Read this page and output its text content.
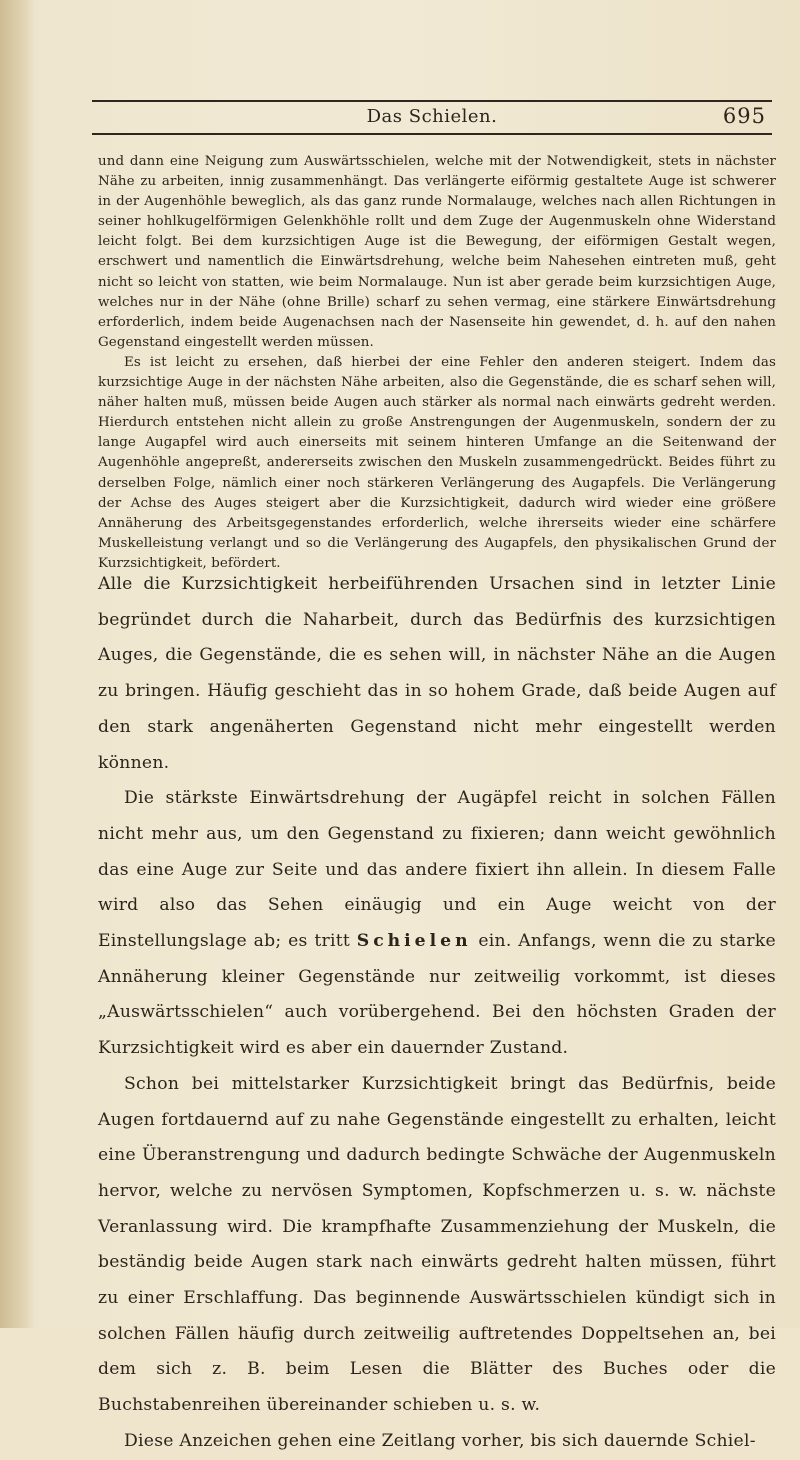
Das Schielen.	695

und dann eine Neigung zum Auswärtsschielen, welche mit der Notwendigkeit, stets in nächster Nähe zu arbeiten, innig zusammenhängt. Das verlängerte eiförmig gestaltete Auge ist schwerer in der Augenhöhle beweglich, als das ganz runde Normalauge, welches nach allen Richtungen in seiner hohlkugelförmigen Gelenkhöhle rollt und dem Zuge der Augenmuskeln ohne Widerstand leicht folgt. Bei dem kurzsichtigen Auge ist die Bewegung, der eiförmigen Gestalt wegen, erschwert und namentlich die Einwärtsdrehung, welche beim Nahesehen eintreten muß, geht nicht so leicht von statten, wie beim Normalauge. Nun ist aber gerade beim kurzsichtigen Auge, welches nur in der Nähe (ohne Brille) scharf zu sehen vermag, eine stärkere Einwärtsdrehung erforderlich, indem beide Augenachsen nach der Nasenseite hin gewendet, d. h. auf den nahen Gegenstand eingestellt werden müssen.

Es ist leicht zu ersehen, daß hierbei der eine Fehler den anderen steigert. Indem das kurzsichtige Auge in der nächsten Nähe arbeiten, also die Gegenstände, die es scharf sehen will, näher halten muß, müssen beide Augen auch stärker als normal nach einwärts gedreht werden. Hierdurch entstehen nicht allein zu große Anstrengungen der Augenmuskeln, sondern der zu lange Augapfel wird auch einerseits mit seinem hinteren Umfange an die Seitenwand der Augenhöhle angepreßt, andererseits zwischen den Muskeln zusammengedrückt. Beides führt zu derselben Folge, nämlich einer noch stärkeren Verlängerung des Augapfels. Die Verlängerung der Achse des Auges steigert aber die Kurzsichtigkeit, dadurch wird wieder eine größere Annäherung des Arbeitsgegenstandes erforderlich, welche ihrerseits wieder eine schärfere Muskelleistung verlangt und so die Verlängerung des Augapfels, den physikalischen Grund der Kurzsichtigkeit, befördert.

Alle die Kurzsichtigkeit herbeiführenden Ursachen sind in letzter Linie begründet durch die Naharbeit, durch das Bedürfnis des kurzsichtigen Auges, die Gegenstände, die es sehen will, in nächster Nähe an die Augen zu bringen. Häufig geschieht das in so hohem Grade, daß beide Augen auf den stark angenäherten Gegenstand nicht mehr eingestellt werden können.

Die stärkste Einwärtsdrehung der Augäpfel reicht in solchen Fällen nicht mehr aus, um den Gegenstand zu fixieren; dann weicht gewöhnlich das eine Auge zur Seite und das andere fixiert ihn allein. In diesem Falle wird also das Sehen einäugig und ein Auge weicht von der Einstellungslage ab; es tritt Schielen ein. Anfangs, wenn die zu starke Annäherung kleiner Gegenstände nur zeitweilig vorkommt, ist dieses „Auswärtsschielen“ auch vorübergehend. Bei den höchsten Graden der Kurzsichtigkeit wird es aber ein dauernder Zustand.

Schon bei mittelstarker Kurzsichtigkeit bringt das Bedürfnis, beide Augen fortdauernd auf zu nahe Gegenstände eingestellt zu erhalten, leicht eine Überanstrengung und dadurch bedingte Schwäche der Augenmuskeln hervor, welche zu nervösen Symptomen, Kopfschmerzen u. s. w. nächste Veranlassung wird. Die krampfhafte Zusammenziehung der Muskeln, die beständig beide Augen stark nach einwärts gedreht halten müssen, führt zu einer Erschlaffung. Das beginnende Auswärtsschielen kündigt sich in solchen Fällen häufig durch zeitweilig auftretendes Doppeltsehen an, bei dem sich z. B. beim Lesen die Blätter des Buches oder die Buchstabenreihen übereinander schieben u. s. w.

Diese Anzeichen gehen eine Zeitlang vorher, bis sich dauernde Schiel-
